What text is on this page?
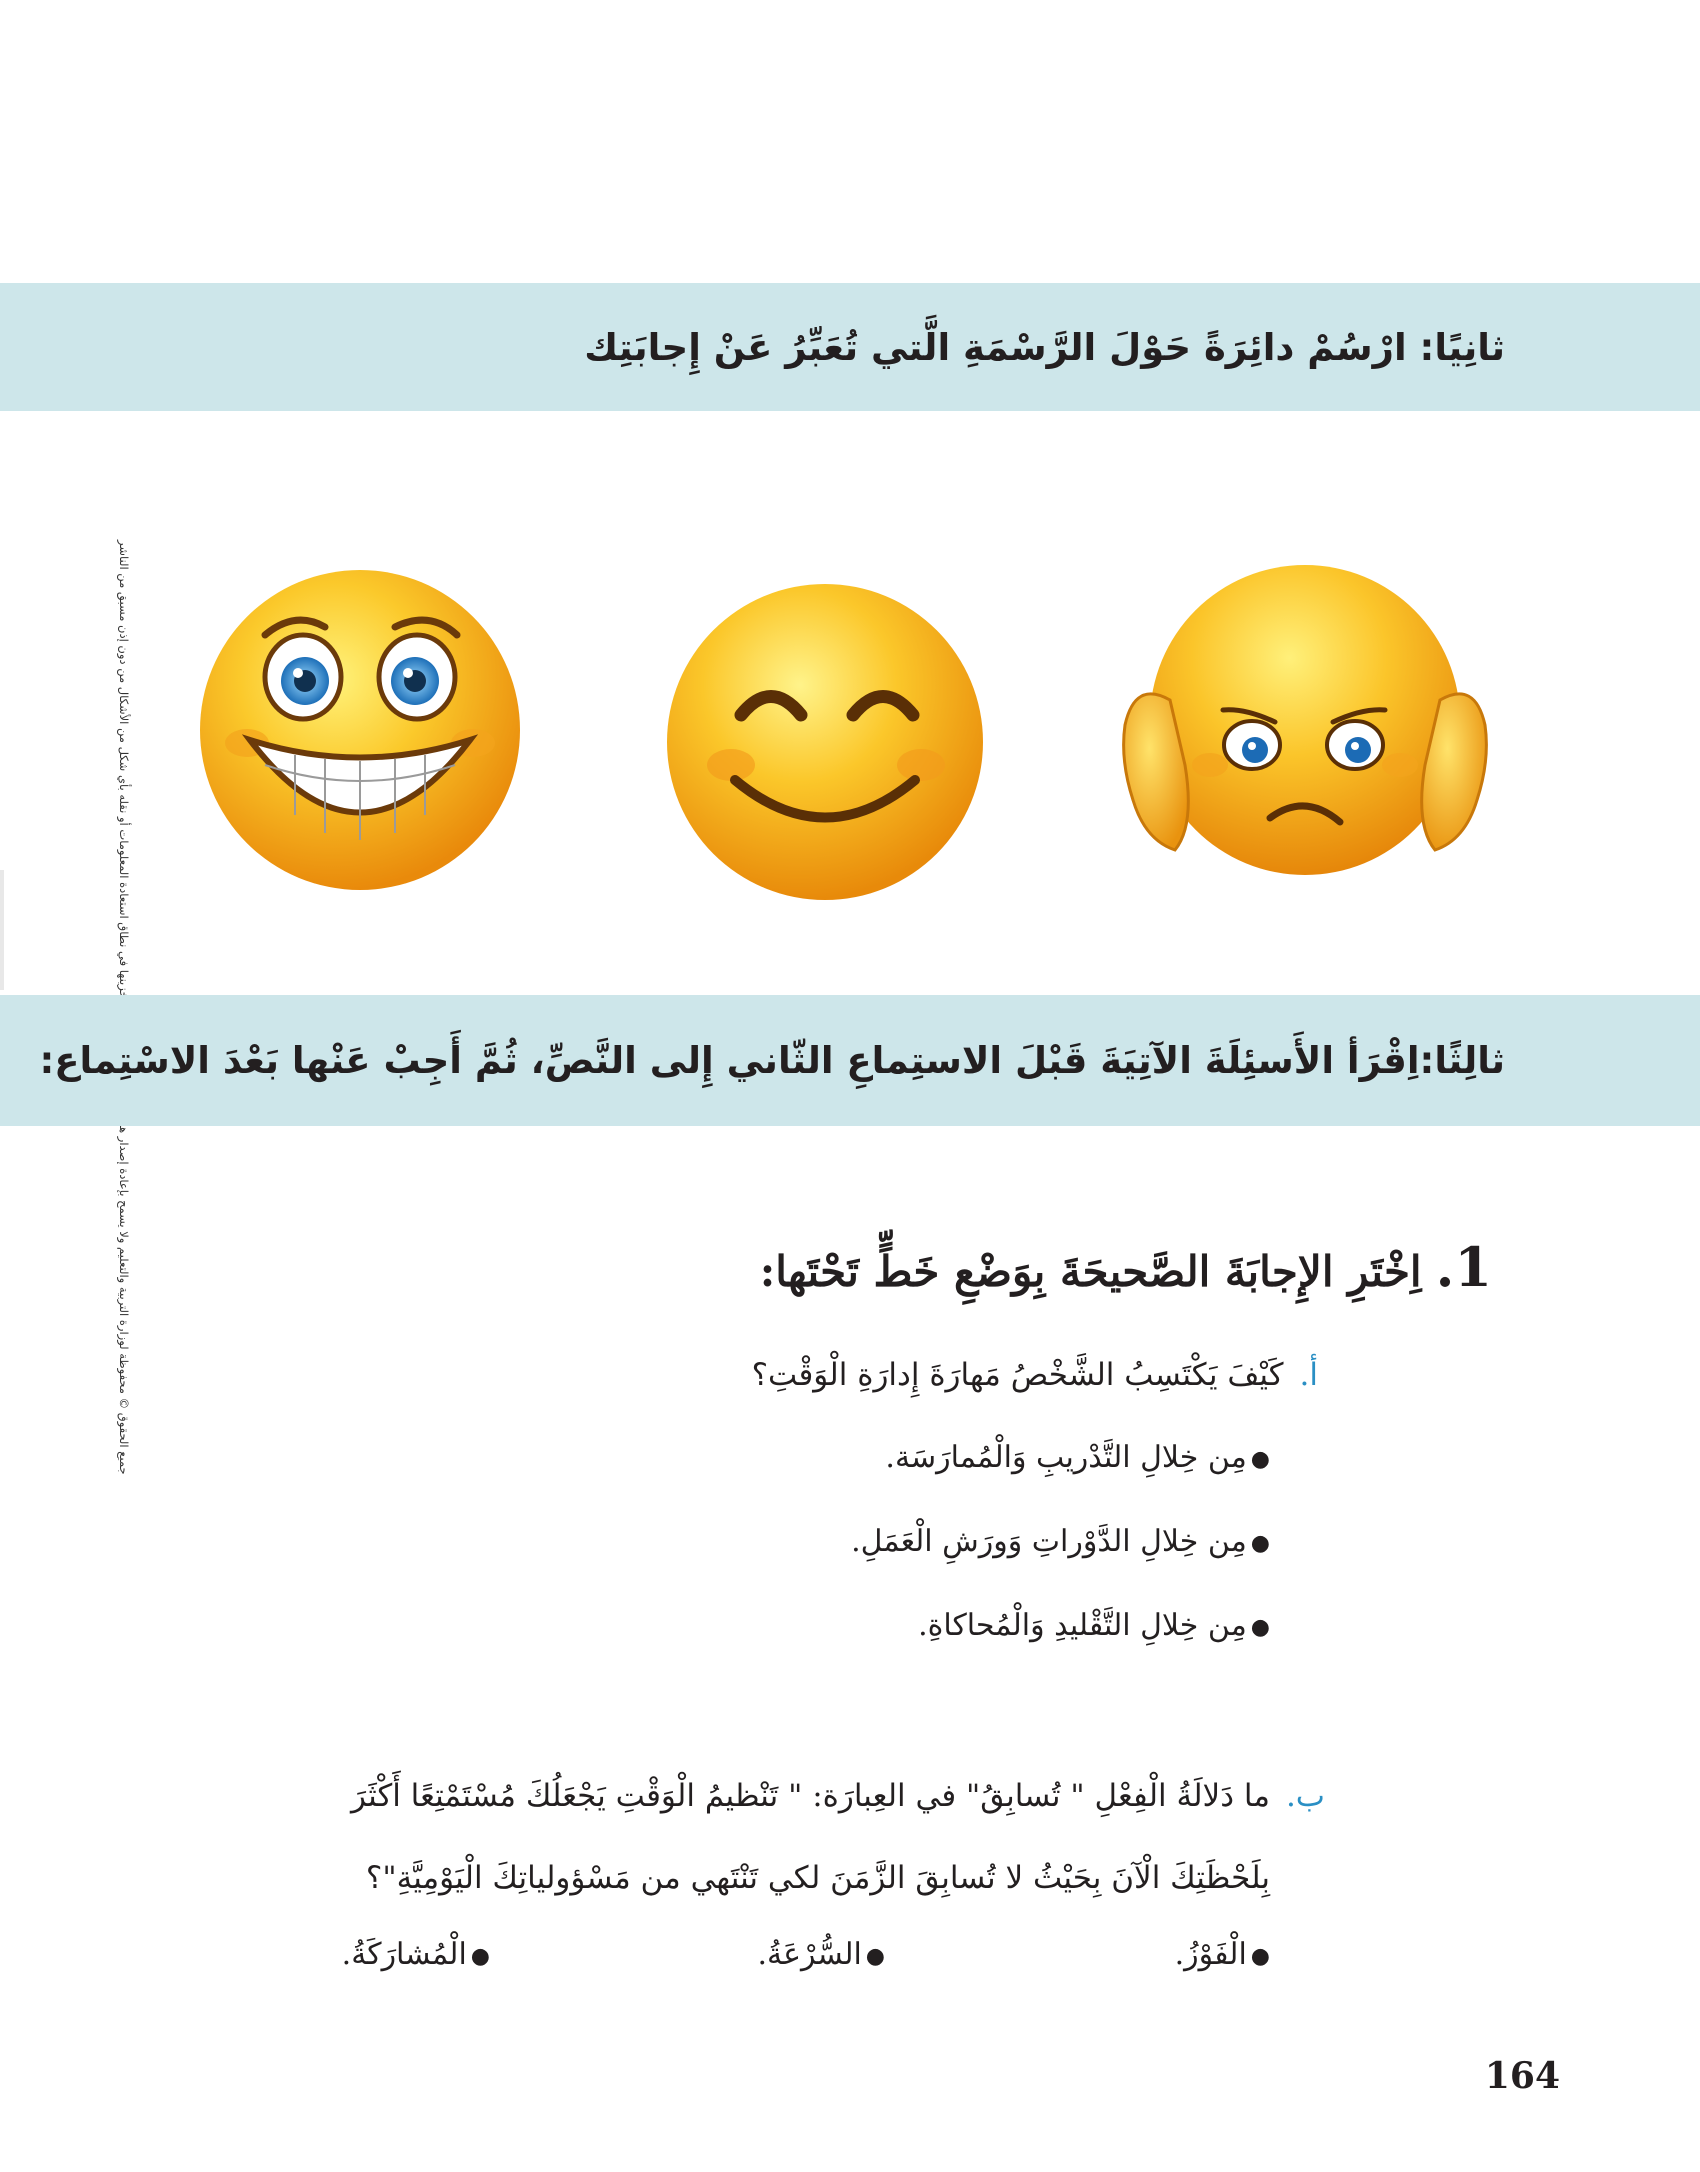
ثانِيًا: ارْسُمْ دائِرَةً حَوْلَ الرَّسْمَةِ الَّتي تُعَبِّرُ عَنْ إِجابَتِك
ثالِثًا:اِقْرَأ الأَسئِلَةَ الآتِيَةَ قَبْلَ الاستِماعِ الثّاني إِلى النَّصِّ، ثُمَّ أَجِبْ عَنْها بَعْدَ الاسْتِماع:
1.
اِخْتَرِ الإِجابَةَ الصَّحيحَةَ بِوَضْعِ خَطٍّ تَحْتَها:
أ.كَيْفَ يَكْتَسِبُ الشَّخْصُ مَهارَةَ إِدارَةِ الْوَقْتِ؟
●مِن خِلالِ التَّدْريبِ وَالْمُمارَسَة.
●مِن خِلالِ الدَّوْراتِ وَورَشِ الْعَمَلِ.
●مِن خِلالِ التَّقْليدِ وَالْمُحاكاةِ.
ب.ما دَلالَةُ الْفِعْلِ " تُسابِقُ" في العِبارَة: " تَنْظيمُ الْوَقْتِ يَجْعَلُكَ مُسْتَمْتِعًا أَكْثَرَ
بِلَحْظَتِكَ الْآنَ بِحَيْثُ لا تُسابِقَ الزَّمَنَ لكي تَنْتَهي من مَسْؤولياتِكَ الْيَوْمِيَّةِ"؟
●الْفَوْزُ.
●السُّرْعَةُ.
●الْمُشارَكَةُ.
164
